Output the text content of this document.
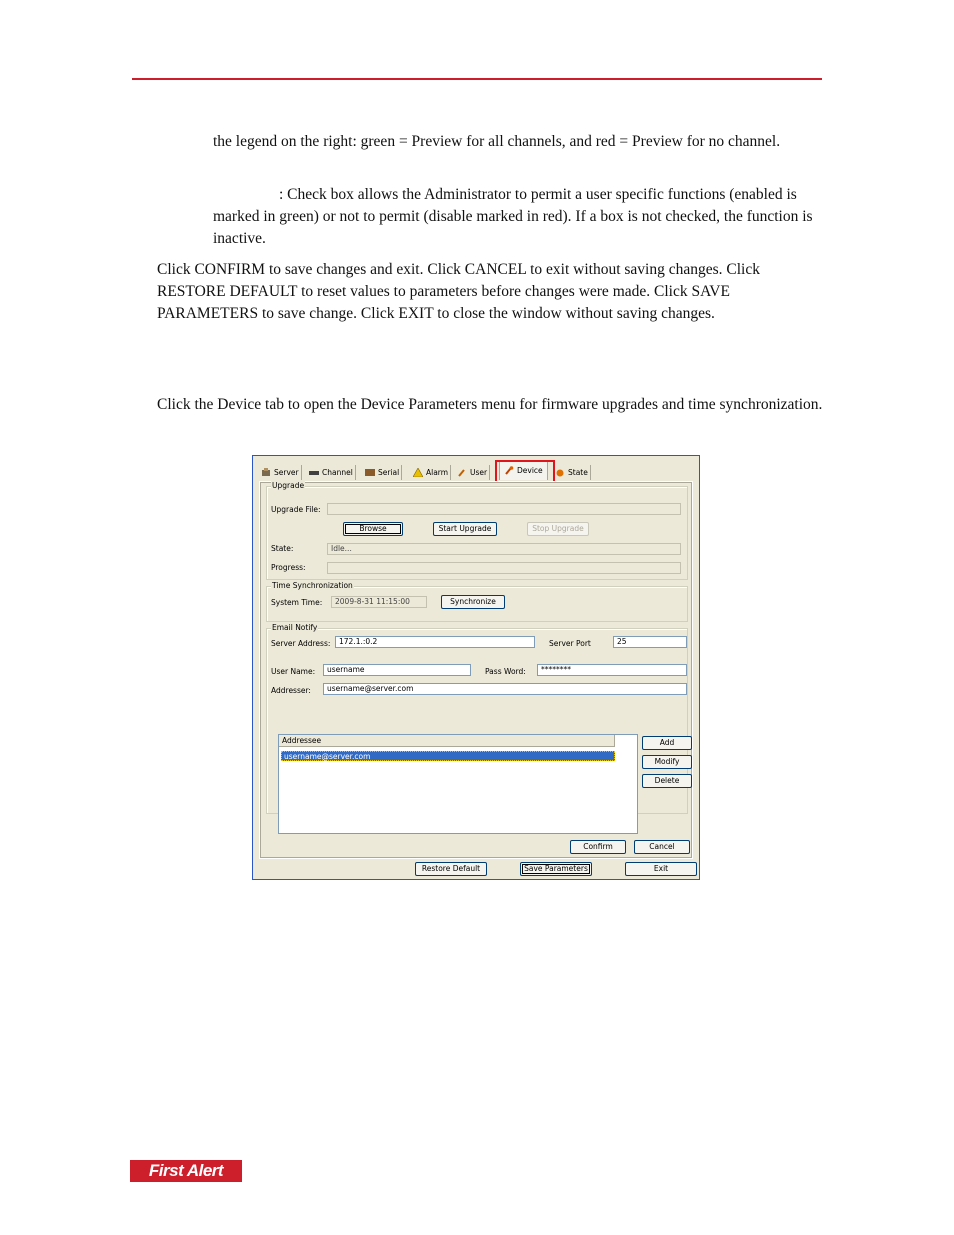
the legend on the right: green = Preview for all channels, and red = Preview for no channel.

: Check box allows the Administrator to permit a user specific functions (enabled is marked in green) or not to permit (disable marked in red). If a box is not checked, the function is inactive.

Click CONFIRM to save changes and exit. Click CANCEL to exit without saving changes. Click RESTORE DEFAULT to reset values to parameters before changes were made. Click SAVE PARAMETERS to save change. Click EXIT to close the window without saving changes.

Click the Device tab to open the Device Parameters menu for firmware upgrades and time synchronization.

Server	Channel	Serial	Alarm	User	Device	State
Upgrade
Upgrade File:
Browse	Start Upgrade	Stop Upgrade
State:	Idle...
Progress:
Time Synchronization
System Time:	2009-8-31 11:15:00	Synchronize
Email Notify
Server Address:	172.1.:0.2	Server Port	25
User Name:	username	Pass Word:	********
Addresser:	username@server.com
Addressee
username@server.com
Add
Modify
Delete
Confirm	Cancel
Restore Default	Save Parameters	Exit
First Alert
